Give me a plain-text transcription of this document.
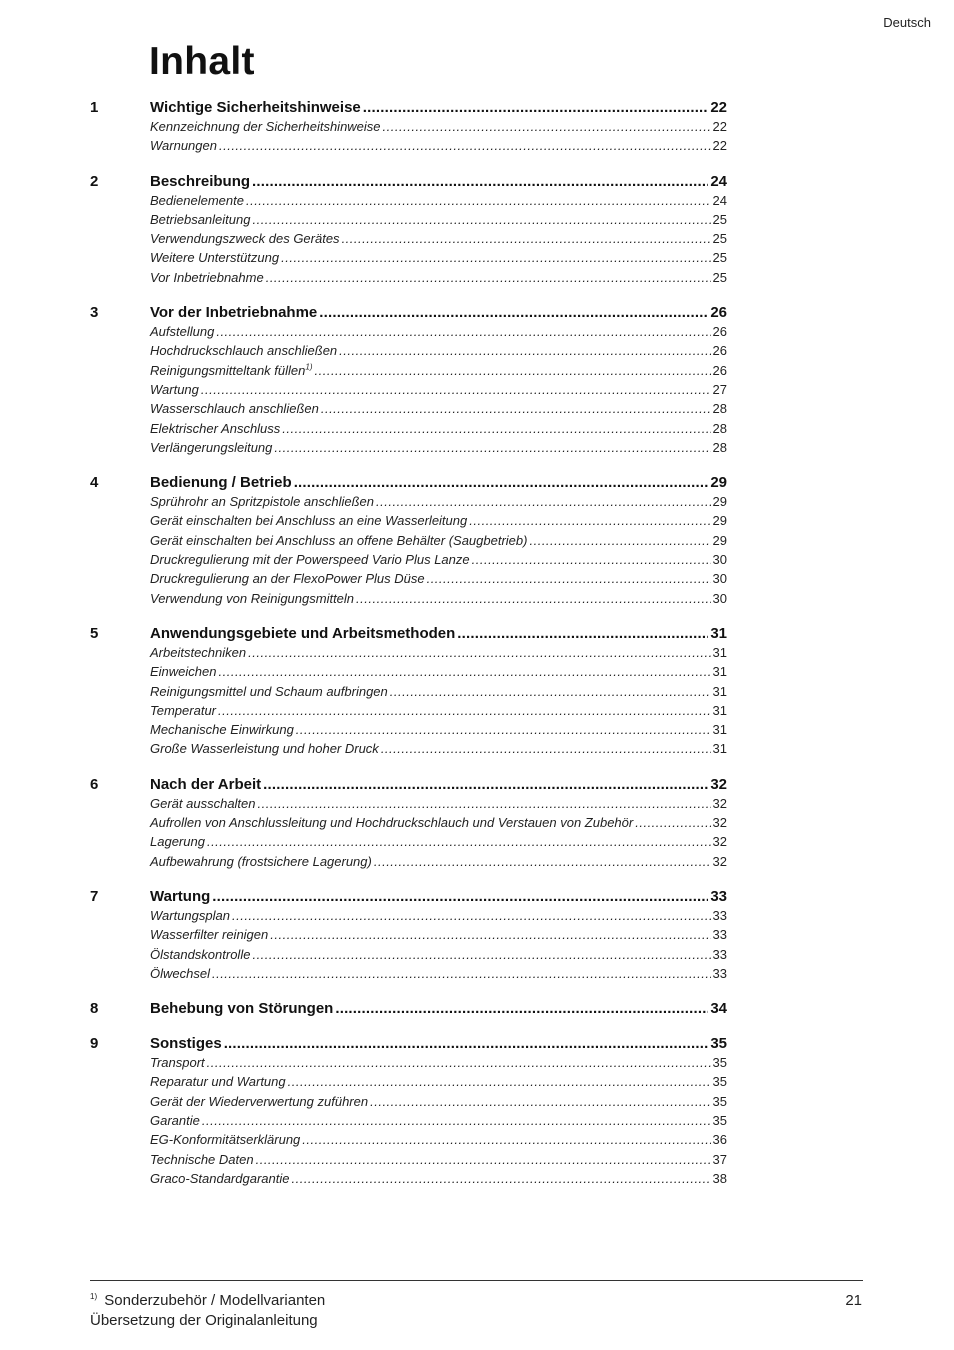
Deutsch
Inhalt
1	Wichtige Sicherheitshinweise .....	22
Kennzeichnung der Sicherheitshinweise .....	22
Warnungen .....	22
2	Beschreibung .....	24
Bedienelemente .....	24
Betriebsanleitung .....	25
Verwendungszweck des Gerätes .....	25
Weitere Unterstützung .....	25
Vor Inbetriebnahme .....	25
3	Vor der Inbetriebnahme .....	26
Aufstellung .....	26
Hochdruckschlauch anschließen .....	26
Reinigungsmitteltank füllen$^{1)}$ .....	26
Wartung .....	27
Wasserschlauch anschließen .....	28
Elektrischer Anschluss .....	28
Verlängerungsleitung .....	28
4	Bedienung / Betrieb .....	29
Sprührohr an Spritzpistole anschließen .....	29
Gerät einschalten bei Anschluss an eine Wasserleitung .....	29
Gerät einschalten bei Anschluss an offene Behälter (Saugbetrieb) .....	29
Druckregulierung mit der Powerspeed Vario Plus Lanze .....	30
Druckregulierung an der FlexoPower Plus Düse .....	30
Verwendung von Reinigungsmitteln .....	30
5	Anwendungsgebiete und Arbeitsmethoden .....	31
Arbeitstechniken .....	31
Einweichen .....	31
Reinigungsmittel und Schaum aufbringen .....	31
Temperatur .....	31
Mechanische Einwirkung .....	31
Große Wasserleistung und hoher Druck .....	31
6	Nach der Arbeit .....	32
Gerät ausschalten .....	32
Aufrollen von Anschlussleitung und Hochdruckschlauch und Verstauen von Zubehör .....	32
Lagerung .....	32
Aufbewahrung (frostsichere Lagerung) .....	32
7	Wartung .....	33
Wartungsplan .....	33
Wasserfilter reinigen .....	33
Ölstandskontrolle .....	33
Ölwechsel .....	33
8	Behebung von Störungen .....	34
9	Sonstiges .....	35
Transport .....	35
Reparatur und Wartung .....	35
Gerät der Wiederverwertung zuführen .....	35
Garantie .....	35
EG-Konformitätserklärung .....	36
Technische Daten .....	37
Graco-Standardgarantie .....	38
$^{1)}$ Sonderzubehör / Modellvarianten
Übersetzung der Originalanleitung
21
